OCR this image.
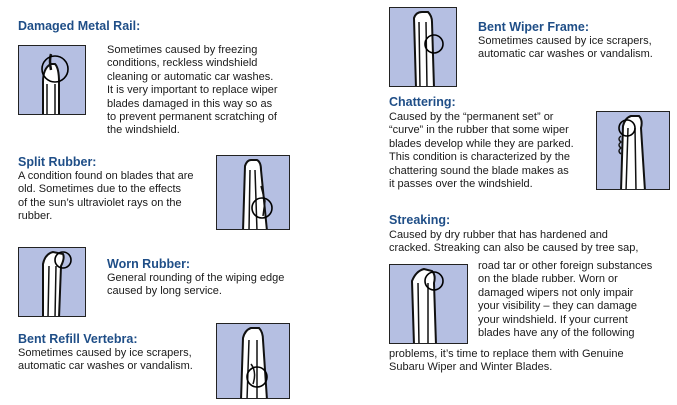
Damaged Metal Rail:
Sometimes caused by freezing
conditions, reckless windshield
cleaning or automatic car washes.
It is very important to replace wiper
blades damaged in this way so as
to prevent permanent scratching of
the windshield.
Split Rubber:
A condition found on blades that are
old. Sometimes due to the effects
of the sun’s ultraviolet rays on the
rubber.
Worn Rubber:
General rounding of the wiping edge
caused by long service.
Bent Refill Vertebra:
Sometimes caused by ice scrapers,
automatic car washes or vandalism.
Bent Wiper Frame:
Sometimes caused by ice scrapers,
automatic car washes or vandalism.
Chattering:
Caused by the “permanent set” or
“curve” in the rubber that some wiper
blades develop while they are parked.
This condition is characterized by the
chattering sound the blade makes as
it passes over the windshield.
Streaking:
Caused by dry rubber that has hardened and
cracked. Streaking can also be caused by tree sap,
road tar or other foreign substances
on the blade rubber. Worn or
damaged wipers not only impair
your visibility – they can damage
your windshield. If your current
blades have any of the following
problems, it’s time to replace them with Genuine
Subaru Wiper and Winter Blades.
